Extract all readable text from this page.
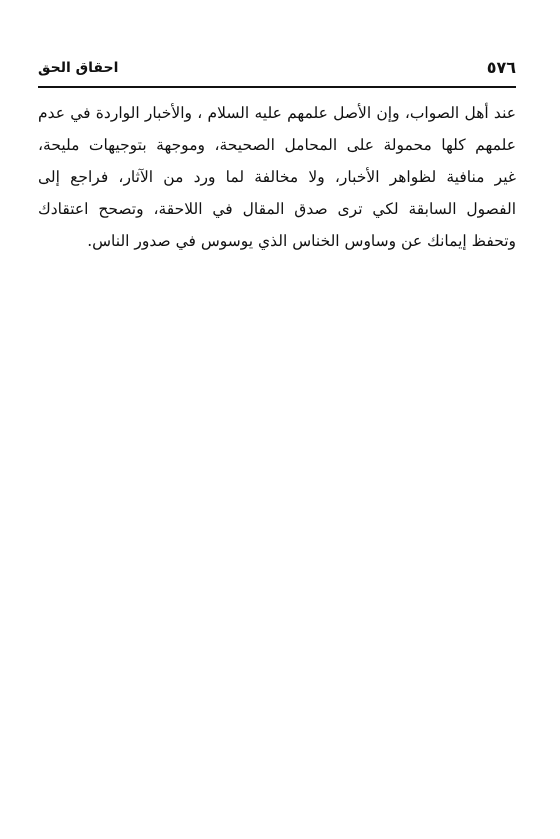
احقاق الحق	٥٧٦
عند أهل الصواب، وإن الأصل علمهم عليه السلام ، والأخبار الواردة في عدم
علمهم كلها محمولة على المحامل الصحيحة، وموجهة بتوجيهات مليحة،
غير منافية لظواهر الأخبار، ولا مخالفة لما ورد من الآثار، فراجع إلى
الفصول السابقة لكي ترى صدق المقال في اللاحقة، وتصحح اعتقادك
وتحفظ إيمانك عن وساوس الخناس الذي يوسوس في صدور الناس.
